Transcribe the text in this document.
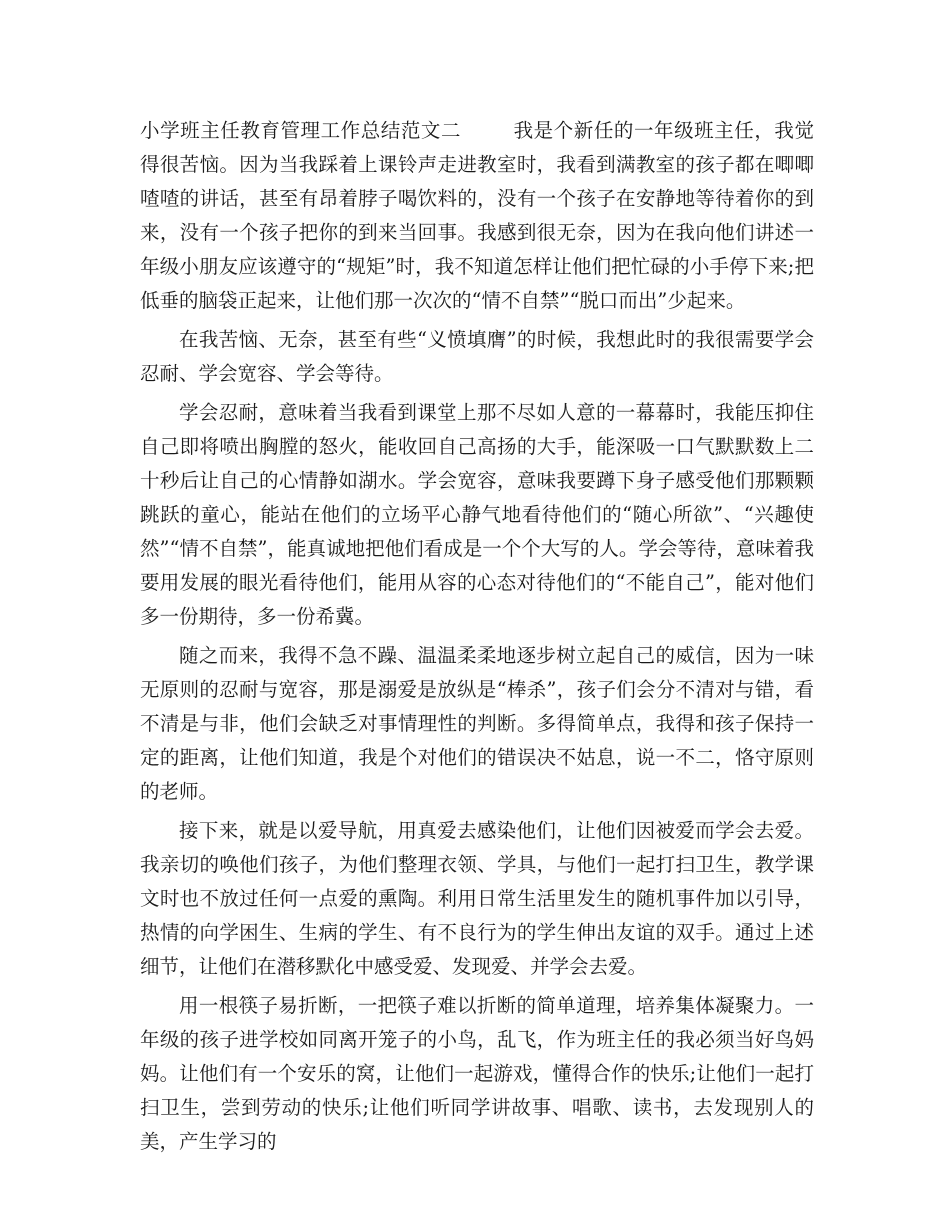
小学班主任教育管理工作总结范文二	我是个新任的一年级班主任，我觉得很苦恼。因为当我踩着上课铃声走进教室时，我看到满教室的孩子都在唧唧喳喳的讲话，甚至有昂着脖子喝饮料的，没有一个孩子在安静地等待着你的到来，没有一个孩子把你的到来当回事。我感到很无奈，因为在我向他们讲述一年级小朋友应该遵守的“规矩”时，我不知道怎样让他们把忙碌的小手停下来;把低垂的脑袋正起来，让他们那一次次的“情不自禁”“脱口而出”少起来。

在我苦恼、无奈，甚至有些“义愤填膺”的时候，我想此时的我很需要学会忍耐、学会宽容、学会等待。

学会忍耐，意味着当我看到课堂上那不尽如人意的一幕幕时，我能压抑住自己即将喷出胸膛的怒火，能收回自己高扬的大手，能深吸一口气默默数上二十秒后让自己的心情静如湖水。学会宽容，意味我要蹲下身子感受他们那颗颗跳跃的童心，能站在他们的立场平心静气地看待他们的“随心所欲”、“兴趣使然”“情不自禁”，能真诚地把他们看成是一个个大写的人。学会等待，意味着我要用发展的眼光看待他们，能用从容的心态对待他们的“不能自己”，能对他们多一份期待，多一份希冀。

随之而来，我得不急不躁、温温柔柔地逐步树立起自己的威信，因为一味无原则的忍耐与宽容，那是溺爱是放纵是“棒杀”，孩子们会分不清对与错，看不清是与非，他们会缺乏对事情理性的判断。多得简单点，我得和孩子保持一定的距离，让他们知道，我是个对他们的错误决不姑息，说一不二，恪守原则的老师。

接下来，就是以爱导航，用真爱去感染他们，让他们因被爱而学会去爱。我亲切的唤他们孩子，为他们整理衣领、学具，与他们一起打扫卫生，教学课文时也不放过任何一点爱的熏陶。利用日常生活里发生的随机事件加以引导，热情的向学困生、生病的学生、有不良行为的学生伸出友谊的双手。通过上述细节，让他们在潜移默化中感受爱、发现爱、并学会去爱。

用一根筷子易折断，一把筷子难以折断的简单道理，培养集体凝聚力。一年级的孩子进学校如同离开笼子的小鸟，乱飞，作为班主任的我必须当好鸟妈妈。让他们有一个安乐的窝，让他们一起游戏，懂得合作的快乐;让他们一起打扫卫生，尝到劳动的快乐;让他们听同学讲故事、唱歌、读书，去发现别人的美，产生学习的
